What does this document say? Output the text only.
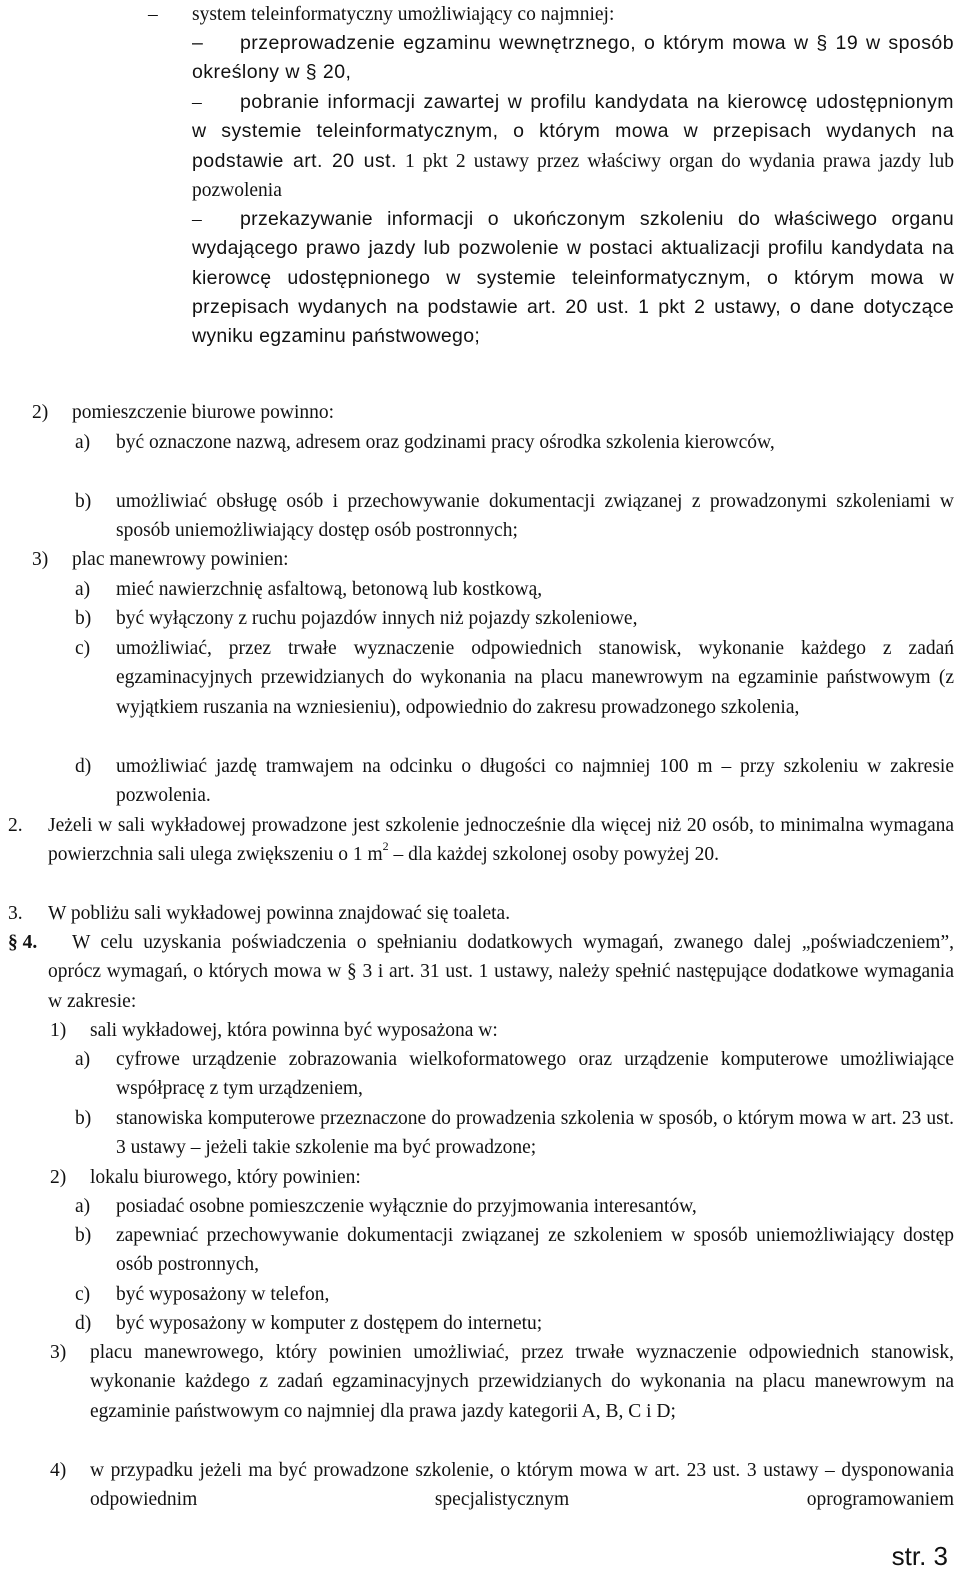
–	system teleinformatyczny umożliwiający co najmniej:

– przeprowadzenie egzaminu wewnętrznego, o którym mowa w § 19 w sposób określony w § 20,

– pobranie informacji zawartej w profilu kandydata na kierowcę udostępnionym w systemie teleinformatycznym, o którym mowa w przepisach wydanych na podstawie art. 20 ust. 1 pkt 2 ustawy przez właściwy organ do wydania prawa jazdy lub pozwolenia

– przekazywanie informacji o ukończonym szkoleniu do właściwego organu wydającego prawo jazdy lub pozwolenie w postaci aktualizacji profilu kandydata na kierowcę udostępnionego w systemie teleinformatycznym, o którym mowa w przepisach wydanych na podstawie art. 20 ust. 1 pkt 2 ustawy, o dane dotyczące wyniku egzaminu państwowego;

2)	pomieszczenie biurowe powinno:
a)	być oznaczone nazwą, adresem oraz godzinami pracy ośrodka szkolenia kierowców,
b)	umożliwiać obsługę osób i przechowywanie dokumentacji związanej z prowadzonymi szkoleniami w sposób uniemożliwiający dostęp osób postronnych;
3)	plac manewrowy powinien:
a)	mieć nawierzchnię asfaltową, betonową lub kostkową,
b)	być wyłączony z ruchu pojazdów innych niż pojazdy szkoleniowe,
c)	umożliwiać, przez trwałe wyznaczenie odpowiednich stanowisk, wykonanie każdego z zadań egzaminacyjnych przewidzianych do wykonania na placu manewrowym na egzaminie państwowym (z wyjątkiem ruszania na wzniesieniu), odpowiednio do zakresu prowadzonego szkolenia,
d)	umożliwiać jazdę tramwajem na odcinku o długości co najmniej 100 m – przy szkoleniu w zakresie pozwolenia.
2.	Jeżeli w sali wykładowej prowadzone jest szkolenie jednocześnie dla więcej niż 20 osób, to minimalna wymagana powierzchnia sali ulega zwiększeniu o 1 $m^2$ – dla każdej szkolonej osoby powyżej 20.
3.	W pobliżu sali wykładowej powinna znajdować się toaleta.
§ 4.	W celu uzyskania poświadczenia o spełnianiu dodatkowych wymagań, zwanego dalej „poświadczeniem”, oprócz wymagań, o których mowa w § 3 i art. 31 ust. 1 ustawy, należy spełnić następujące dodatkowe wymagania w zakresie:
1)	sali wykładowej, która powinna być wyposażona w:
a)	cyfrowe urządzenie zobrazowania wielkoformatowego oraz urządzenie komputerowe umożliwiające współpracę z tym urządzeniem,
b)	stanowiska komputerowe przeznaczone do prowadzenia szkolenia w sposób, o którym mowa w art. 23 ust. 3 ustawy – jeżeli takie szkolenie ma być prowadzone;
2)	lokalu biurowego, który powinien:
a)	posiadać osobne pomieszczenie wyłącznie do przyjmowania interesantów,
b)	zapewniać przechowywanie dokumentacji związanej ze szkoleniem w sposób uniemożliwiający dostęp osób postronnych,
c)	być wyposażony w telefon,
d)	być wyposażony w komputer z dostępem do internetu;
3)	placu manewrowego, który powinien umożliwiać, przez trwałe wyznaczenie odpowiednich stanowisk, wykonanie każdego z zadań egzaminacyjnych przewidzianych do wykonania na placu manewrowym na egzaminie państwowym co najmniej dla prawa jazdy kategorii A, B, C i D;
4)	w przypadku jeżeli ma być prowadzone szkolenie, o którym mowa w art. 23 ust. 3 ustawy – dysponowania odpowiednim specjalistycznym oprogramowaniem
str. 3
